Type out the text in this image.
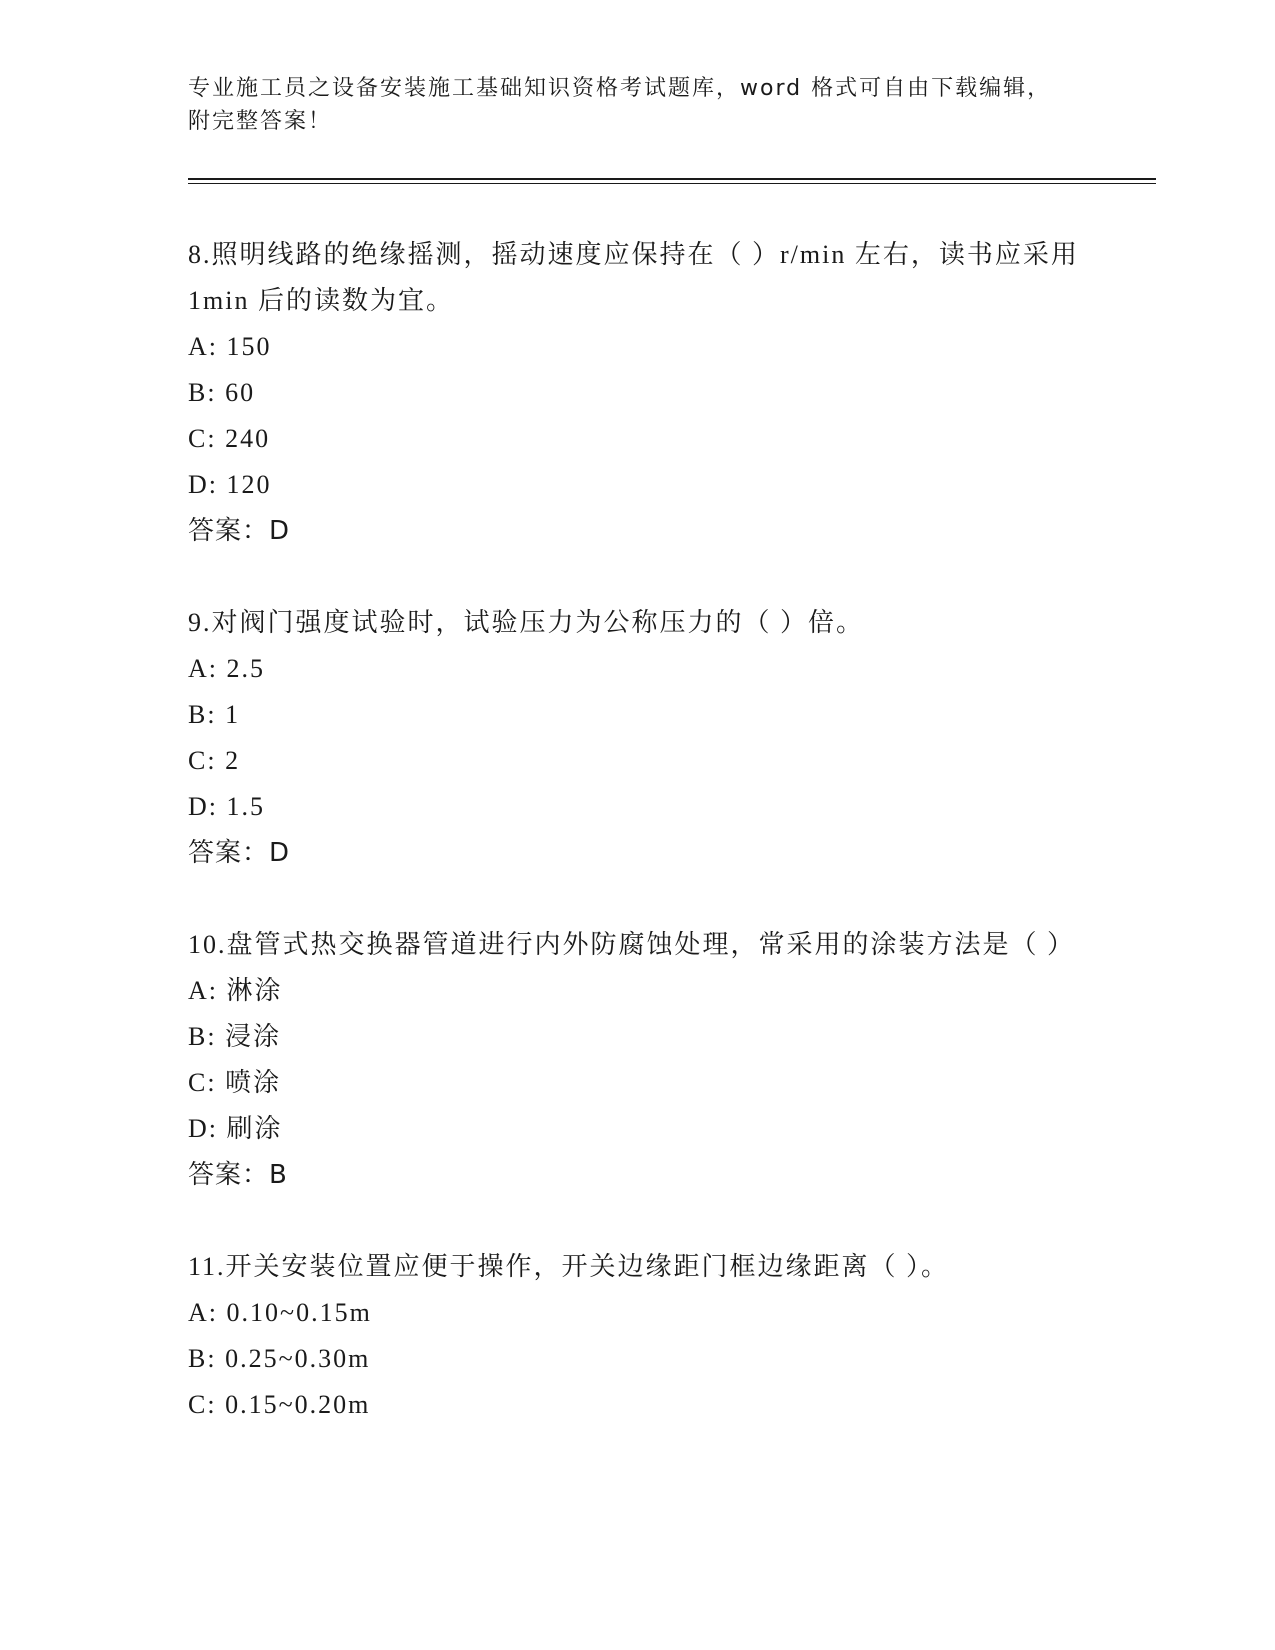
专业施工员之设备安装施工基础知识资格考试题库，word 格式可自由下载编辑，附完整答案！

8.照明线路的绝缘摇测，摇动速度应保持在（ ）r/min 左右，读书应采用 1min 后的读数为宜。

A: 150

B: 60

C: 240

D: 120

答案：D

9.对阀门强度试验时，试验压力为公称压力的（ ）倍。

A: 2.5

B: 1

C: 2

D: 1.5

答案：D

10.盘管式热交换器管道进行内外防腐蚀处理，常采用的涂装方法是（ ）

A: 淋涂

B: 浸涂

C: 喷涂

D: 刷涂

答案：B

11.开关安装位置应便于操作，开关边缘距门框边缘距离（ ）。

A: 0.10~0.15m

B: 0.25~0.30m

C: 0.15~0.20m
